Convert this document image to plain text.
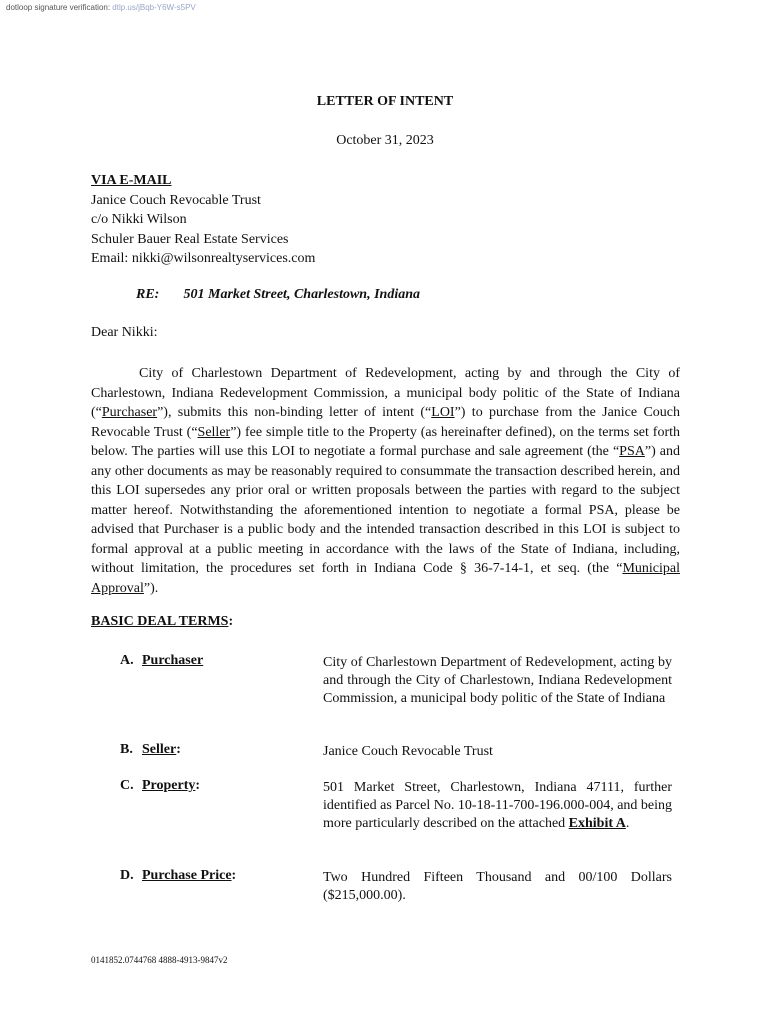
dotloop signature verification: dtlp.us/jBqb-Y6W-s5PV
LETTER OF INTENT
October 31, 2023
VIA E-MAIL
Janice Couch Revocable Trust
c/o Nikki Wilson
Schuler Bauer Real Estate Services
Email: nikki@wilsonrealtyservices.com
RE: 501 Market Street, Charlestown, Indiana
Dear Nikki:

City of Charlestown Department of Redevelopment, acting by and through the City of Charlestown, Indiana Redevelopment Commission, a municipal body politic of the State of Indiana (“Purchaser”), submits this non-binding letter of intent (“LOI”) to purchase from the Janice Couch Revocable Trust (“Seller”) fee simple title to the Property (as hereinafter defined), on the terms set forth below. The parties will use this LOI to negotiate a formal purchase and sale agreement (the “PSA”) and any other documents as may be reasonably required to consummate the transaction described herein, and this LOI supersedes any prior oral or written proposals between the parties with regard to the subject matter hereof. Notwithstanding the aforementioned intention to negotiate a formal PSA, please be advised that Purchaser is a public body and the intended transaction described in this LOI is subject to formal approval at a public meeting in accordance with the laws of the State of Indiana, including, without limitation, the procedures set forth in Indiana Code § 36-7-14-1, et seq. (the “Municipal Approval”).

BASIC DEAL TERMS:
A. Purchaser	City of Charlestown Department of Redevelopment, acting by and through the City of Charlestown, Indiana Redevelopment Commission, a municipal body politic of the State of Indiana

B. Seller:	Janice Couch Revocable Trust

C. Property:	501 Market Street, Charlestown, Indiana 47111, further identified as Parcel No. 10-18-11-700-196.000-004, and being more particularly described on the attached Exhibit A.

D. Purchase Price:	Two Hundred Fifteen Thousand and 00/100 Dollars ($215,000.00).

0141852.0744768 4888-4913-9847v2
